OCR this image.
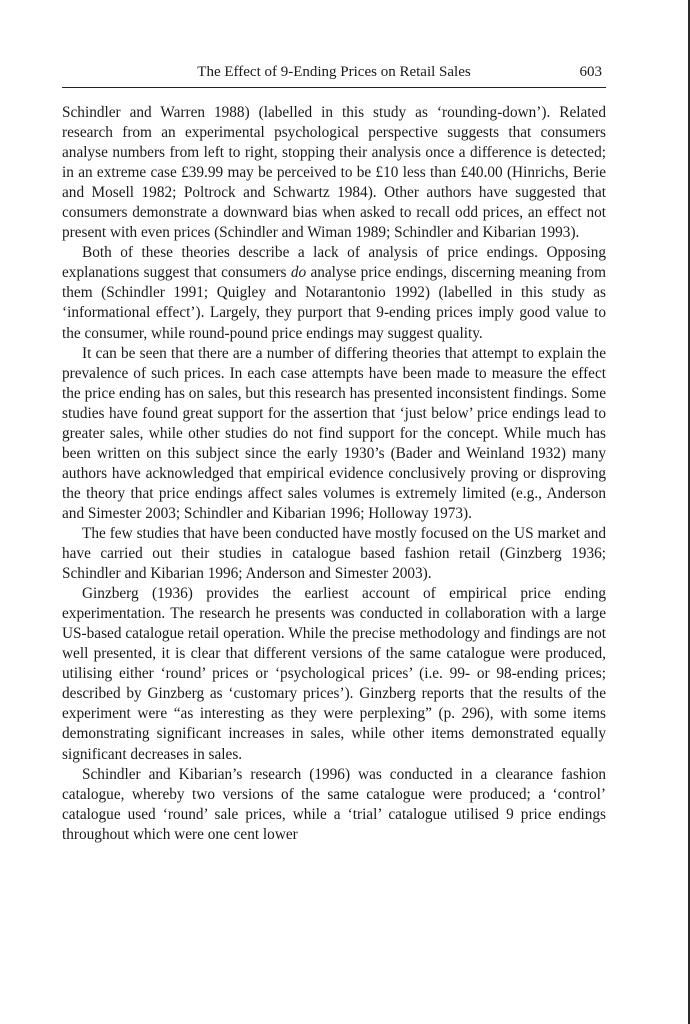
The Effect of 9-Ending Prices on Retail Sales	603

Schindler and Warren 1988) (labelled in this study as ‘rounding-down’). Related research from an experimental psychological perspective suggests that consumers analyse numbers from left to right, stopping their analysis once a difference is detected; in an extreme case £39.99 may be perceived to be £10 less than £40.00 (Hinrichs, Berie and Mosell 1982; Poltrock and Schwartz 1984). Other authors have suggested that consumers demonstrate a downward bias when asked to recall odd prices, an effect not present with even prices (Schindler and Wiman 1989; Schindler and Kibarian 1993).

Both of these theories describe a lack of analysis of price endings. Opposing explanations suggest that consumers do analyse price endings, discerning meaning from them (Schindler 1991; Quigley and Notarantonio 1992) (labelled in this study as ‘informational effect’). Largely, they purport that 9-ending prices imply good value to the consumer, while round-pound price endings may suggest quality.

It can be seen that there are a number of differing theories that attempt to explain the prevalence of such prices. In each case attempts have been made to measure the effect the price ending has on sales, but this research has presented inconsistent findings. Some studies have found great support for the assertion that ‘just below’ price endings lead to greater sales, while other studies do not find support for the concept. While much has been written on this subject since the early 1930’s (Bader and Weinland 1932) many authors have acknowledged that empirical evidence conclusively proving or disproving the theory that price endings affect sales volumes is extremely limited (e.g., Anderson and Simester 2003; Schindler and Kibarian 1996; Holloway 1973).

The few studies that have been conducted have mostly focused on the US market and have carried out their studies in catalogue based fashion retail (Ginzberg 1936; Schindler and Kibarian 1996; Anderson and Simester 2003).

Ginzberg (1936) provides the earliest account of empirical price ending experimentation. The research he presents was conducted in collaboration with a large US-based catalogue retail operation. While the precise methodology and findings are not well presented, it is clear that different versions of the same catalogue were produced, utilising either ‘round’ prices or ‘psychological prices’ (i.e. 99- or 98-ending prices; described by Ginzberg as ‘customary prices’). Ginzberg reports that the results of the experiment were “as interesting as they were perplexing” (p. 296), with some items demonstrating significant increases in sales, while other items demonstrated equally significant decreases in sales.

Schindler and Kibarian’s research (1996) was conducted in a clearance fashion catalogue, whereby two versions of the same catalogue were produced; a ‘control’ catalogue used ‘round’ sale prices, while a ‘trial’ catalogue utilised 9 price endings throughout which were one cent lower
